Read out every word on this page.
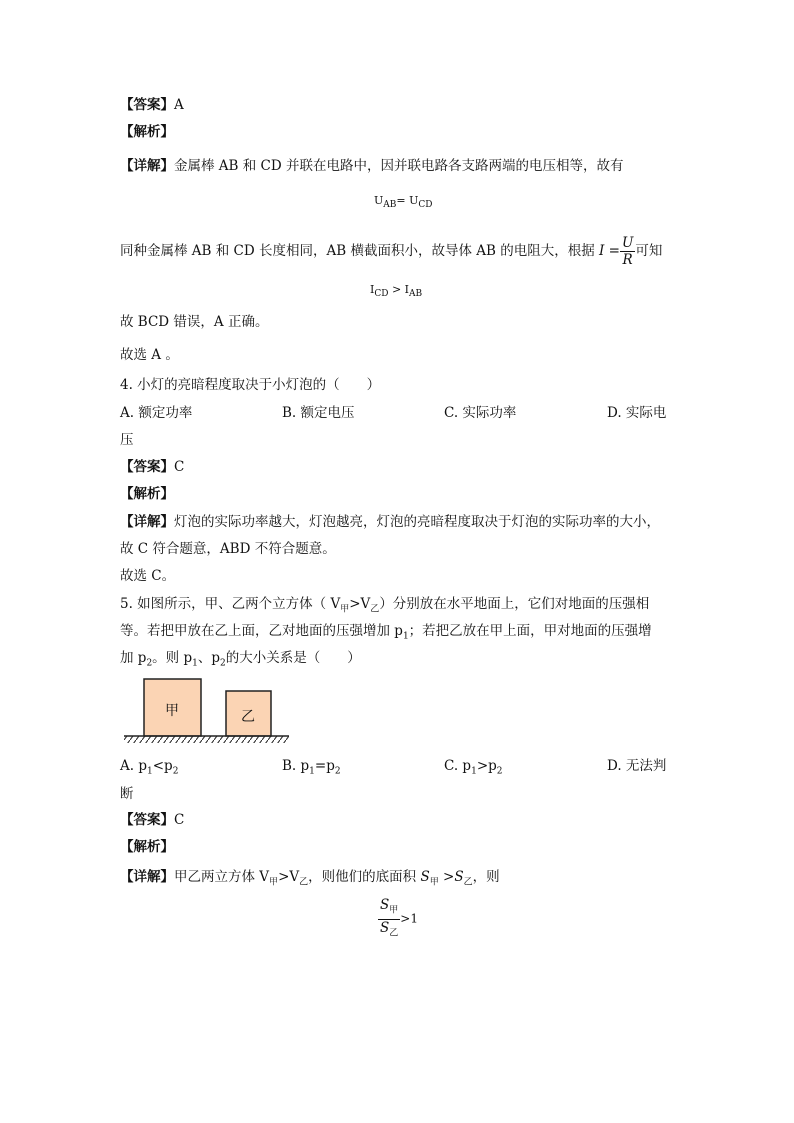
【答案】A
【解析】
【详解】金属棒 AB 和 CD 并联在电路中，因并联电路各支路两端的电压相等，故有
$U_{AB}= U_{CD}$
同种金属棒 AB 和 CD 长度相同，AB 横截面积小，故导体 AB 的电阻大，根据 $I = \frac{U}{R}$ 可知
$I_{CD} > I_{AB}$
故 BCD 错误，A 正确。
故选 A 。
4. 小灯的亮暗程度取决于小灯泡的（　　）
A. 额定功率	B. 额定电压	C. 实际功率	D. 实际电
压
【答案】C
【解析】
【详解】灯泡的实际功率越大，灯泡越亮，灯泡的亮暗程度取决于灯泡的实际功率的大小，
故 C 符合题意，ABD 不符合题意。
故选 C。
5. 如图所示，甲、乙两个立方体（ $V_甲>V_乙$）分别放在水平地面上，它们对地面的压强相
等。若把甲放在乙上面，乙对地面的压强增加 $p_1$；若把乙放在甲上面，甲对地面的压强增
加 $p_2$。则 $p_1$、$p_2$的大小关系是（　　）
甲	乙
A. $p_1<p_2$	B. $p_1=p_2$	C. $p_1>p_2$	D. 无法判
断
【答案】C
【解析】
【详解】甲乙两立方体 $V_甲>V_乙$，则他们的底面积 $S_甲 >S_乙$，则
$\frac{S_甲}{S_乙} >1$
